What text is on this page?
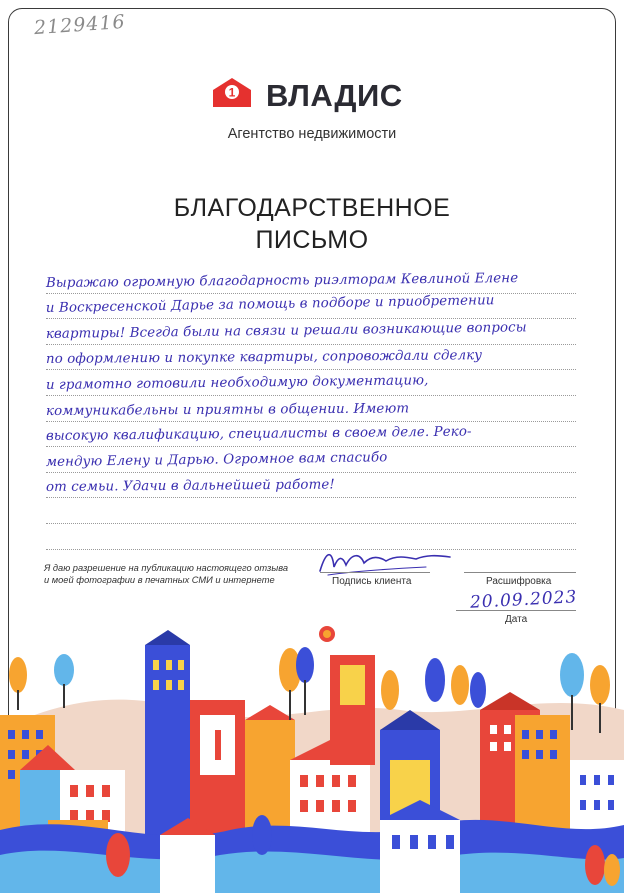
2129416
1 ВЛАДИС
Агентство недвижимости
БЛАГОДАРСТВЕННОЕ
ПИСЬМО
Выражаю огромную благодарность риэлторам Кевлиной Елене
и Воскресенской Дарье за помощь в подборе и приобретении
квартиры! Всегда были на связи и решали возникающие вопросы
по оформлению и покупке квартиры, сопровождали сделку
и грамотно готовили необходимую документацию,
коммуникабельны и приятны в общении. Имеют
высокую квалификацию, специалисты в своем деле. Реко-
мендую Елену и Дарью. Огромное вам спасибо
от семьи. Удачи в дальнейшей работе!
Я даю разрешение на публикацию настоящего отзыва и моей фотографии в печатных СМИ и интернете	Подпись клиента	Расшифровка
20.09.2023
Дата
